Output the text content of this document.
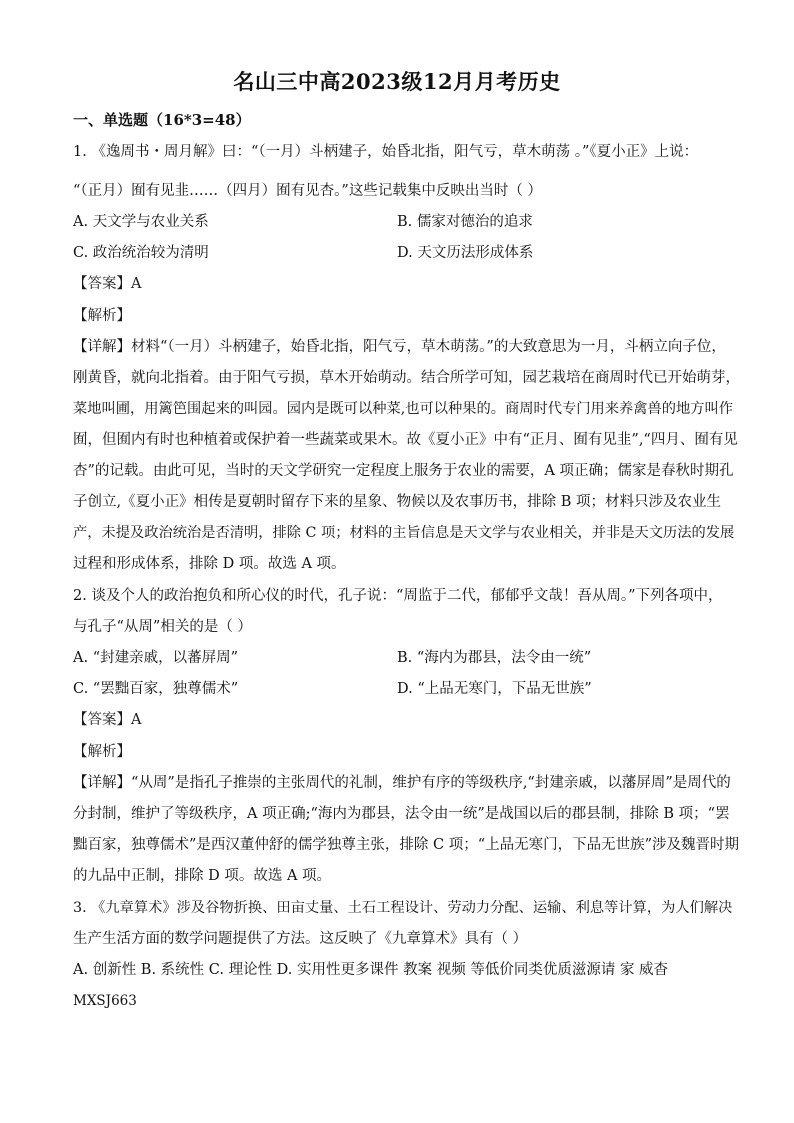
名山三中高2023级12月月考历史
一、单选题（16*3=48）
1. 《逸周书・周月解》曰：“（一月）斗柄建子，始昏北指，阳气亏，草木萌荡 。”《夏小正》上说：
“（正月）囿有见韭……（四月）囿有见杏。”这些记载集中反映出当时（ ）
A. 天文学与农业关系	B. 儒家对德治的追求
C. 政治统治较为清明	D. 天文历法形成体系
【答案】A
【解析】
【详解】材料“（一月）斗柄建子，始昏北指，阳气亏，草木萌荡。”的大致意思为一月，斗柄立向子位，
刚黄昏，就向北指着。由于阳气亏损，草木开始萌动。结合所学可知，园艺栽培在商周时代已开始萌芽，
菜地叫圃，用篱笆围起来的叫园。园内是既可以种菜,也可以种果的。商周时代专门用来养禽兽的地方叫作
囿，但囿内有时也种植着或保护着一些蔬菜或果木。故《夏小正》中有“正月、囿有见韭”,“四月、囿有见
杏”的记载。由此可见，当时的天文学研究一定程度上服务于农业的需要，A 项正确；儒家是春秋时期孔
子创立,《夏小正》相传是夏朝时留存下来的星象、物候以及农事历书，排除 B 项；材料只涉及农业生
产，未提及政治统治是否清明，排除 C 项；材料的主旨信息是天文学与农业相关，并非是天文历法的发展
过程和形成体系，排除 D 项。故选 A 项。
2. 谈及个人的政治抱负和所心仪的时代，孔子说：“周监于二代，郁郁乎文哉！吾从周。”下列各项中，
与孔子“从周”相关的是（ ）
A. “封建亲戚，以蕃屏周”	B. “海内为郡县，法令由一统”
C. “罢黜百家，独尊儒术”	D. “上品无寒门，下品无世族”
【答案】A
【解析】
【详解】“从周”是指孔子推崇的主张周代的礼制，维护有序的等级秩序,“封建亲戚，以藩屏周”是周代的
分封制，维护了等级秩序，A 项正确;“海内为郡县，法令由一统”是战国以后的郡县制，排除 B 项；“罢
黜百家，独尊儒术”是西汉董仲舒的儒学独尊主张，排除 C 项；“上品无寒门，下品无世族”涉及魏晋时期
的九品中正制，排除 D 项。故选 A 项。
3. 《九章算术》涉及谷物折换、田亩丈量、土石工程设计、劳动力分配、运输、利息等计算，为人们解决
生产生活方面的数学问题提供了方法。这反映了《九章算术》具有（ ）
A. 创新性 B. 系统性 C. 理论性 D. 实用性更多课件 教案 视频 等低价同类优质滋源请 家 威杳
MXSJ663
